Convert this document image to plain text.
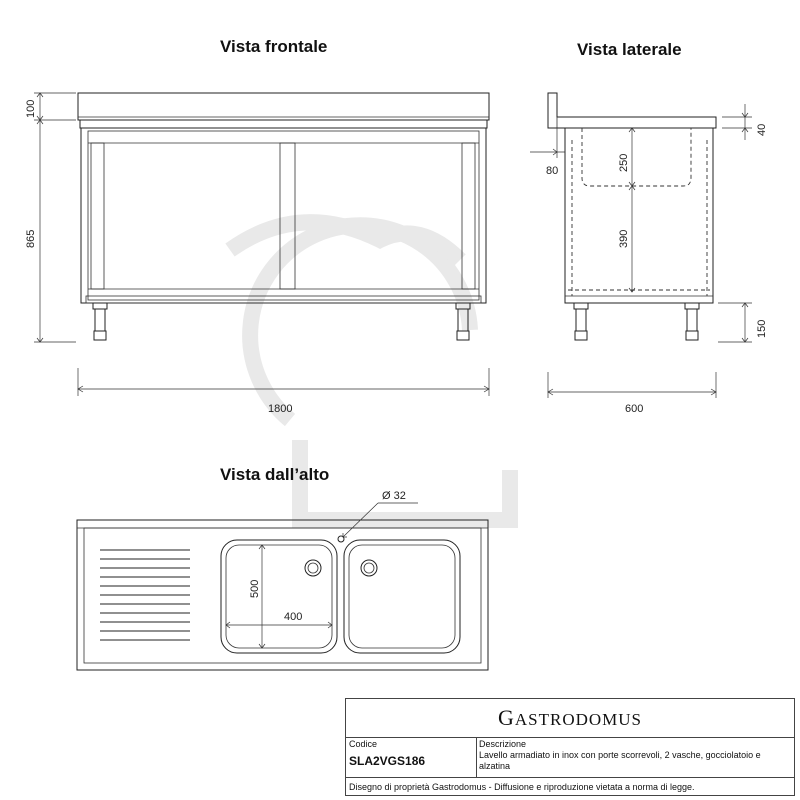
Vista frontale	Vista laterale
Vista dall’alto
100
865
1800
40
80	250
390
150
600
Ø 32
500
400
GASTRODOMUS
Codice
SLA2VGS186
Descrizione
Lavello armadiato in inox con porte scorrevoli, 2 vasche, gocciolatoio e alzatina
Disegno di proprietà Gastrodomus - Diffusione e riproduzione vietata a norma di legge.
